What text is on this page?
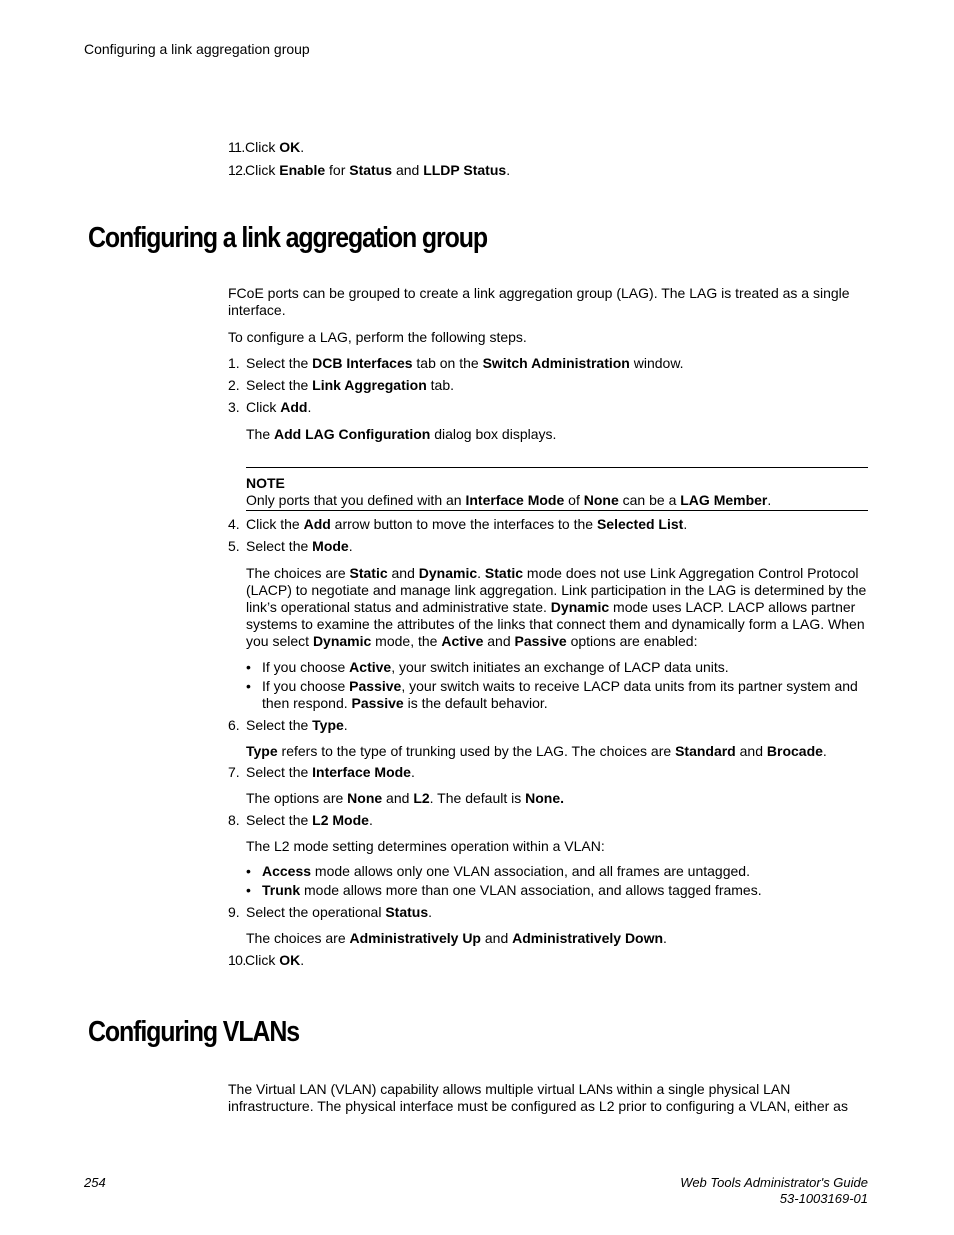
Configuring a link aggregation group

11. Click OK.

12. Click Enable for Status and LLDP Status.

Configuring a link aggregation group

FCoE ports can be grouped to create a link aggregation group (LAG). The LAG is treated as a single interface.

To configure a LAG, perform the following steps.

1. Select the DCB Interfaces tab on the Switch Administration window.

2. Select the Link Aggregation tab.

3. Click Add.

The Add LAG Configuration dialog box displays.

NOTE
Only ports that you defined with an Interface Mode of None can be a LAG Member.

4. Click the Add arrow button to move the interfaces to the Selected List.

5. Select the Mode.

The choices are Static and Dynamic. Static mode does not use Link Aggregation Control Protocol (LACP) to negotiate and manage link aggregation. Link participation in the LAG is determined by the link’s operational status and administrative state. Dynamic mode uses LACP. LACP allows partner systems to examine the attributes of the links that connect them and dynamically form a LAG. When you select Dynamic mode, the Active and Passive options are enabled:

• If you choose Active, your switch initiates an exchange of LACP data units.
• If you choose Passive, your switch waits to receive LACP data units from its partner system and then respond. Passive is the default behavior.

6. Select the Type.

Type refers to the type of trunking used by the LAG. The choices are Standard and Brocade.

7. Select the Interface Mode.

The options are None and L2. The default is None.

8. Select the L2 Mode.

The L2 mode setting determines operation within a VLAN:

• Access mode allows only one VLAN association, and all frames are untagged.
• Trunk mode allows more than one VLAN association, and allows tagged frames.

9. Select the operational Status.

The choices are Administratively Up and Administratively Down.

10. Click OK.

Configuring VLANs

The Virtual LAN (VLAN) capability allows multiple virtual LANs within a single physical LAN infrastructure. The physical interface must be configured as L2 prior to configuring a VLAN, either as

254	Web Tools Administrator's Guide
53-1003169-01
